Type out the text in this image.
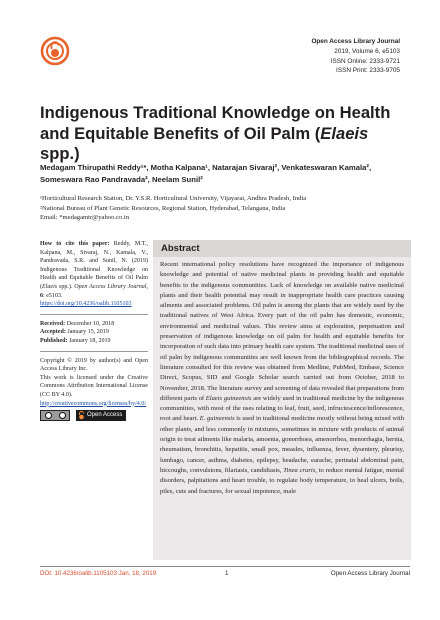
Open Access Library Journal
2019, Volume 6, e5103
ISSN Online: 2333-9721
ISSN Print: 2333-9705
Indigenous Traditional Knowledge on Health and Equitable Benefits of Oil Palm (Elaeis spp.)
Medagam Thirupathi Reddy¹*, Motha Kalpana¹, Natarajan Sivaraj², Venkateswaran Kamala²,
Someswara Rao Pandravada², Neelam Sunil²
¹Horticultural Research Station, Dr. Y.S.R. Horticultural University, Vijayarai, Andhra Pradesh, India
²National Bureau of Plant Genetic Resources, Regional Station, Hyderabad, Telangana, India
Email: *medagamtr@yahoo.co.in
How to cite this paper: Reddy, M.T., Kalpana, M., Sivaraj, N., Kamala, V., Pandravada, S.R. and Sunil, N. (2019) Indigenous Traditional Knowledge on Health and Equitable Benefits of Oil Palm (Elaeis spp.). Open Access Library Journal, 6: e5103.
https://doi.org/10.4236/oalib.1105103
Received: December 10, 2018
Accepted: January 15, 2019
Published: January 18, 2019
Copyright © 2019 by author(s) and Open Access Library Inc.
This work is licensed under the Creative Commons Attribution International License (CC BY 4.0).
http://creativecommons.org/licenses/by/4.0/
Open Access
Abstract
Recent international policy resolutions have recognized the importance of indigenous knowledge and potential of native medicinal plants in providing health and equitable benefits to the indigenous communities. Lack of knowledge on available native medicinal plants and their health potential may result in inappropriate health care practices causing ailments and associated problems. Oil palm is among the plants that are widely used by the traditional natives of West Africa. Every part of the oil palm has domestic, economic, environmental and medicinal values. This review aims at exploration, perpetuation and preservation of indigenous knowledge on oil palm for health and equitable benefits for incorporation of such data into primary health care system. The traditional medicinal uses of oil palm by indigenous communities are well known from the bibliographical records. The literature consulted for this review was obtained from Medline, PubMed, Embase, Science Direct, Scopus, SID and Google Scholar search carried out from October, 2018 to November, 2018. The literature survey and screening of data revealed that preparations from different parts of Elaeis guineensis are widely used in traditional medicine by the indigenous communities, with most of the uses relating to leaf, fruit, seed, infructescence/inflorescence, root and heart. E. guineensis is used in traditional medicine mostly without being mixed with other plants, and less commonly in mixtures, sometimes in mixture with products of animal origin to treat ailments like malaria, amoenia, gonorrhoea, amenorrhea, menorrhagia, hernia, rheumatism, bronchitis, hepatitis, small pox, measles, influenza, fever, dysentery, pleurisy, lumbago, cancer, asthma, diabetes, epilepsy, headache, earache, perinatal abdominal pain, hiccoughs, convulsions, filariasis, candidiasis, Tinea cruris, to reduce mental fatigue, mental disorders, palpitations and heart trouble, to regulate body temperature, to heal ulcers, boils, piles, cuts and fractures, for sexual impotence, male
DOI: 10.4236/oalib.1105103 Jan. 18, 2019	1	Open Access Library Journal
